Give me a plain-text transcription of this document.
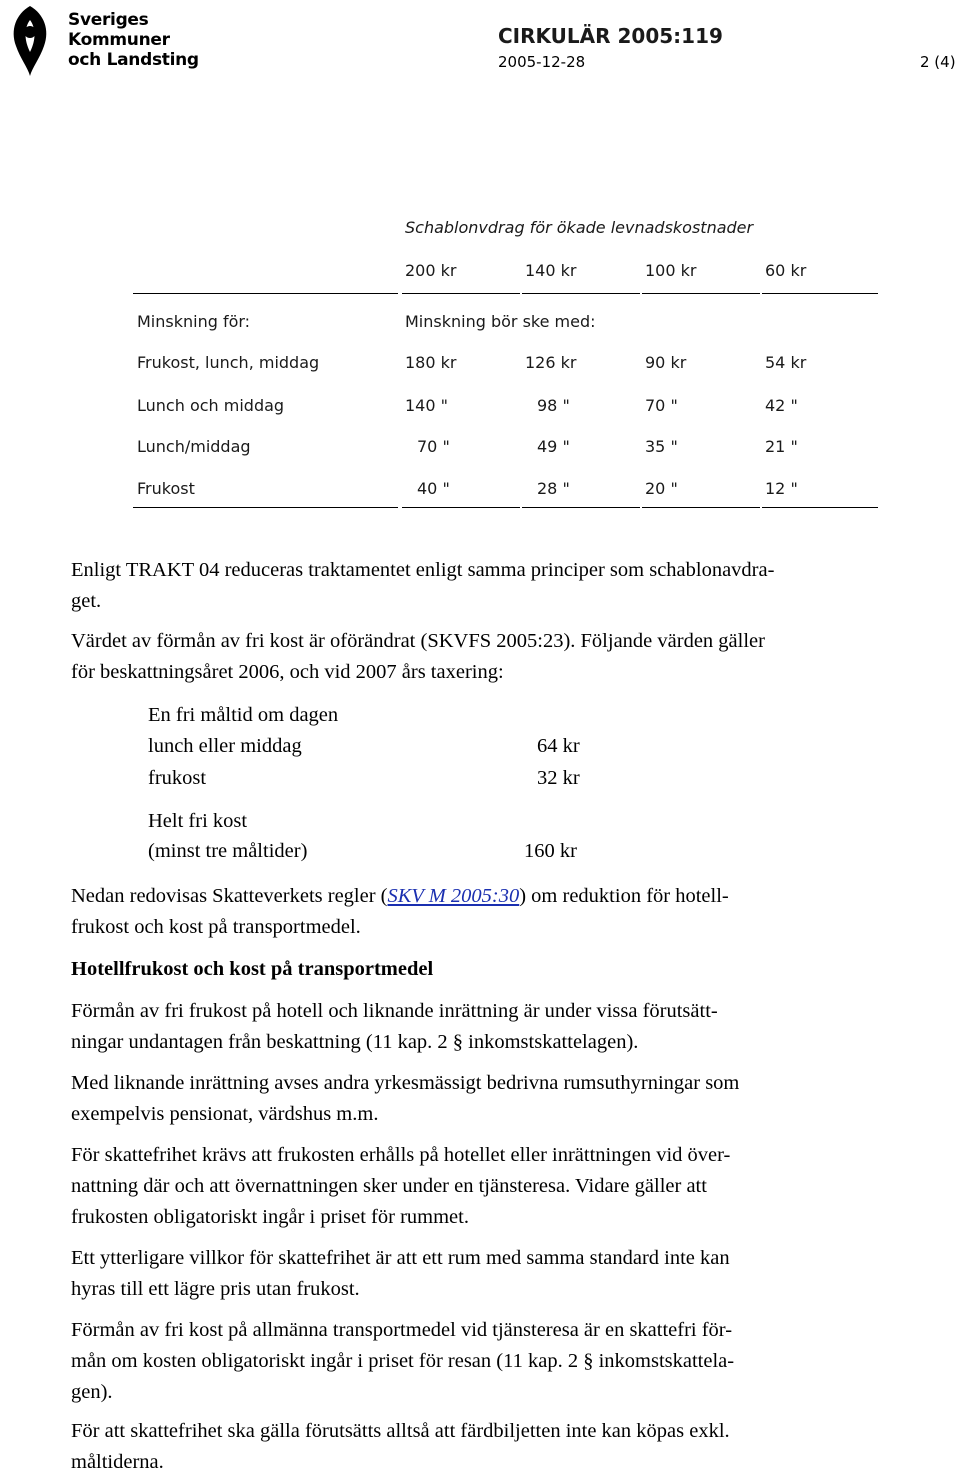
Sveriges
Kommuner
och Landsting
CIRKULÄR 2005:119
2005-12-28	2 (4)
Schablonvdrag för ökade levnadskostnader
200 kr	140 kr	100 kr	60 kr
Minskning för:	Minskning bör ske med:
Frukost, lunch, middag	180 kr	126 kr	90 kr	54 kr
Lunch och middag	140 "	98 "	70 "	42 "
Lunch/middag	70 "	49 "	35 "	21 "
Frukost	40 "	28 "	20 "	12 "
Enligt TRAKT 04 reduceras traktamentet enligt samma principer som schablonavdra-
get.
Värdet av förmån av fri kost är oförändrat (SKVFS 2005:23). Följande värden gäller
för beskattningsåret 2006, och vid 2007 års taxering:
En fri måltid om dagen
lunch eller middag	64 kr
frukost	32 kr
Helt fri kost
(minst tre måltider)	160 kr
Nedan redovisas Skatteverkets regler (SKV M 2005:30) om reduktion för hotell-
frukost och kost på transportmedel.
Hotellfrukost och kost på transportmedel
Förmån av fri frukost på hotell och liknande inrättning är under vissa förutsätt-
ningar undantagen från beskattning (11 kap. 2 § inkomstskattelagen).
Med liknande inrättning avses andra yrkesmässigt bedrivna rumsuthyrningar som
exempelvis pensionat, värdshus m.m.
För skattefrihet krävs att frukosten erhålls på hotellet eller inrättningen vid över-
nattning där och att övernattningen sker under en tjänsteresa. Vidare gäller att
frukosten obligatoriskt ingår i priset för rummet.
Ett ytterligare villkor för skattefrihet är att ett rum med samma standard inte kan
hyras till ett lägre pris utan frukost.
Förmån av fri kost på allmänna transportmedel vid tjänsteresa är en skattefri för-
mån om kosten obligatoriskt ingår i priset för resan (11 kap. 2 § inkomstskattela-
gen).
För att skattefrihet ska gälla förutsätts alltså att färdbiljetten inte kan köpas exkl.
måltiderna.
